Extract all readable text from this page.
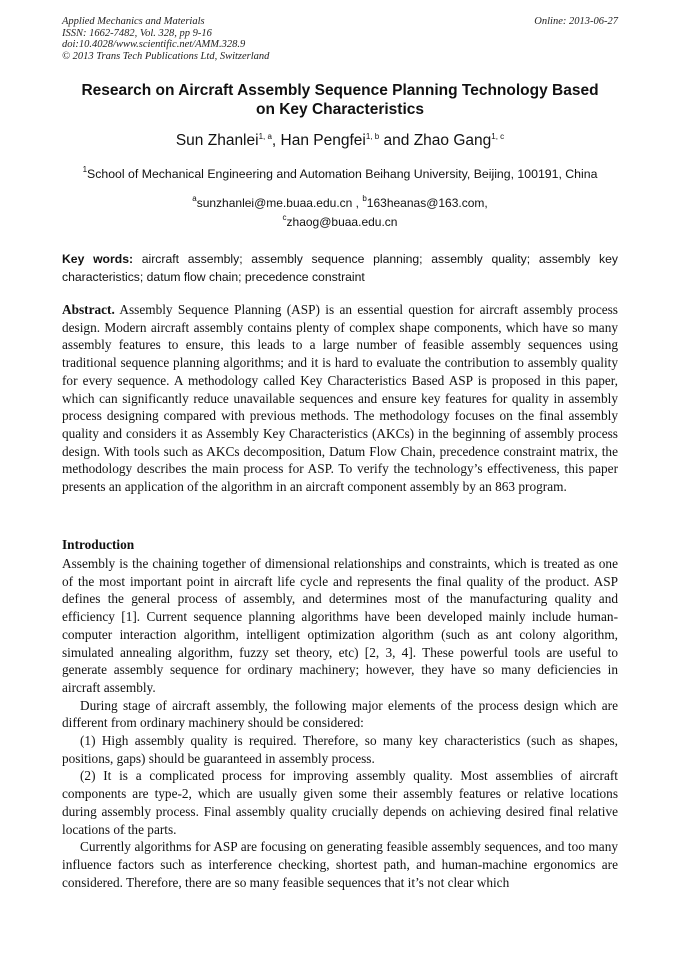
Applied Mechanics and Materials
ISSN: 1662-7482, Vol. 328, pp 9-16
doi:10.4028/www.scientific.net/AMM.328.9
© 2013 Trans Tech Publications Ltd, Switzerland
Online: 2013-06-27
Research on Aircraft Assembly Sequence Planning Technology Based
on Key Characteristics
Sun Zhanlei$^{1, a}$, Han Pengfei$^{1, b}$ and Zhao Gang$^{1, c}$
$^1$School of Mechanical Engineering and Automation Beihang University, Beijing, 100191, China
$^a$sunzhanlei@me.buaa.edu.cn , $^b$163heanas@163.com,
$^c$zhaog@buaa.edu.cn
Key words: aircraft assembly; assembly sequence planning; assembly quality; assembly key characteristics; datum flow chain; precedence constraint
Abstract. Assembly Sequence Planning (ASP) is an essential question for aircraft assembly process design. Modern aircraft assembly contains plenty of complex shape components, which have so many assembly features to ensure, this leads to a large number of feasible assembly sequences using traditional sequence planning algorithms; and it is hard to evaluate the contribution to assembly quality for every sequence. A methodology called Key Characteristics Based ASP is proposed in this paper, which can significantly reduce unavailable sequences and ensure key features for quality in assembly process designing compared with previous methods. The methodology focuses on the final assembly quality and considers it as Assembly Key Characteristics (AKCs) in the beginning of assembly process design. With tools such as AKCs decomposition, Datum Flow Chain, precedence constraint matrix, the methodology describes the main process for ASP. To verify the technology’s effectiveness, this paper presents an application of the algorithm in an aircraft component assembly by an 863 program.
Introduction

Assembly is the chaining together of dimensional relationships and constraints, which is treated as one of the most important point in aircraft life cycle and represents the final quality of the product. ASP defines the general process of assembly, and determines most of the manufacturing quality and efficiency [1]. Current sequence planning algorithms have been developed mainly include human-computer interaction algorithm, intelligent optimization algorithm (such as ant colony algorithm, simulated annealing algorithm, fuzzy set theory, etc) [2, 3, 4]. These powerful tools are useful to generate assembly sequence for ordinary machinery; however, they have so many deficiencies in aircraft assembly.

During stage of aircraft assembly, the following major elements of the process design which are different from ordinary machinery should be considered:

(1) High assembly quality is required. Therefore, so many key characteristics (such as shapes, positions, gaps) should be guaranteed in assembly process.

(2) It is a complicated process for improving assembly quality. Most assemblies of aircraft components are type-2, which are usually given some their assembly features or relative locations during assembly process. Final assembly quality crucially depends on achieving desired final relative locations of the parts.

Currently algorithms for ASP are focusing on generating feasible assembly sequences, and too many influence factors such as interference checking, shortest path, and human-machine ergonomics are considered. Therefore, there are so many feasible sequences that it’s not clear which
